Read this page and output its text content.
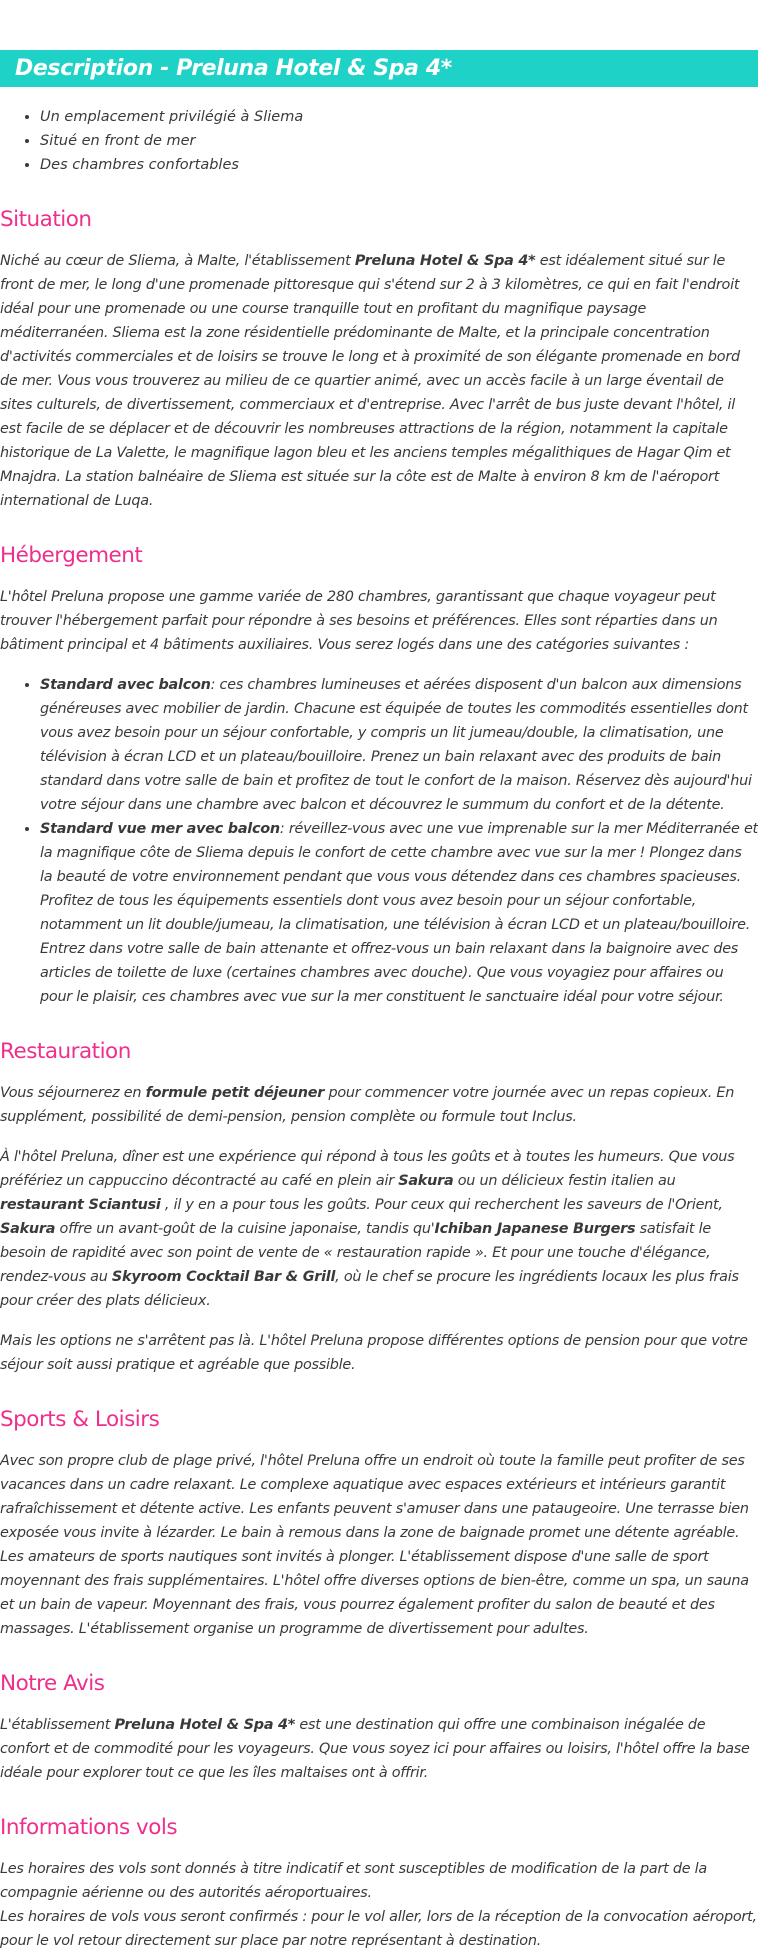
Description - Preluna Hotel & Spa 4*
• Un emplacement privilégié à Sliema
• Situé en front de mer
• Des chambres confortables
Situation

Niché au cœur de Sliema, à Malte, l'établissement Preluna Hotel & Spa 4* est idéalement situé sur le front de mer, le long d'une promenade pittoresque qui s'étend sur 2 à 3 kilomètres, ce qui en fait l'endroit idéal pour une promenade ou une course tranquille tout en profitant du magnifique paysage méditerranéen. Sliema est la zone résidentielle prédominante de Malte, et la principale concentration d'activités commerciales et de loisirs se trouve le long et à proximité de son élégante promenade en bord de mer. Vous vous trouverez au milieu de ce quartier animé, avec un accès facile à un large éventail de sites culturels, de divertissement, commerciaux et d'entreprise. Avec l'arrêt de bus juste devant l'hôtel, il est facile de se déplacer et de découvrir les nombreuses attractions de la région, notamment la capitale historique de La Valette, le magnifique lagon bleu et les anciens temples mégalithiques de Hagar Qim et Mnajdra. La station balnéaire de Sliema est située sur la côte est de Malte à environ 8 km de l'aéroport international de Luqa.

Hébergement

L'hôtel Preluna propose une gamme variée de 280 chambres, garantissant que chaque voyageur peut trouver l'hébergement parfait pour répondre à ses besoins et préférences. Elles sont réparties dans un bâtiment principal et 4 bâtiments auxiliaires. Vous serez logés dans une des catégories suivantes :

• Standard avec balcon: ces chambres lumineuses et aérées disposent d'un balcon aux dimensions généreuses avec mobilier de jardin. Chacune est équipée de toutes les commodités essentielles dont vous avez besoin pour un séjour confortable, y compris un lit jumeau/double, la climatisation, une télévision à écran LCD et un plateau/bouilloire. Prenez un bain relaxant avec des produits de bain standard dans votre salle de bain et profitez de tout le confort de la maison. Réservez dès aujourd'hui votre séjour dans une chambre avec balcon et découvrez le summum du confort et de la détente.
• Standard vue mer avec balcon: réveillez-vous avec une vue imprenable sur la mer Méditerranée et la magnifique côte de Sliema depuis le confort de cette chambre avec vue sur la mer ! Plongez dans la beauté de votre environnement pendant que vous vous détendez dans ces chambres spacieuses. Profitez de tous les équipements essentiels dont vous avez besoin pour un séjour confortable, notamment un lit double/jumeau, la climatisation, une télévision à écran LCD et un plateau/bouilloire. Entrez dans votre salle de bain attenante et offrez-vous un bain relaxant dans la baignoire avec des articles de toilette de luxe (certaines chambres avec douche). Que vous voyagiez pour affaires ou pour le plaisir, ces chambres avec vue sur la mer constituent le sanctuaire idéal pour votre séjour.
Restauration

Vous séjournerez en formule petit déjeuner pour commencer votre journée avec un repas copieux. En supplément, possibilité de demi-pension, pension complète ou formule tout Inclus.

À l'hôtel Preluna, dîner est une expérience qui répond à tous les goûts et à toutes les humeurs. Que vous préfériez un cappuccino décontracté au café en plein air Sakura ou un délicieux festin italien au restaurant Sciantusi , il y en a pour tous les goûts. Pour ceux qui recherchent les saveurs de l'Orient, Sakura offre un avant-goût de la cuisine japonaise, tandis qu'Ichiban Japanese Burgers satisfait le besoin de rapidité avec son point de vente de « restauration rapide ». Et pour une touche d'élégance, rendez-vous au Skyroom Cocktail Bar & Grill, où le chef se procure les ingrédients locaux les plus frais pour créer des plats délicieux.

Mais les options ne s'arrêtent pas là. L'hôtel Preluna propose différentes options de pension pour que votre séjour soit aussi pratique et agréable que possible.

Sports & Loisirs

Avec son propre club de plage privé, l'hôtel Preluna offre un endroit où toute la famille peut profiter de ses vacances dans un cadre relaxant. Le complexe aquatique avec espaces extérieurs et intérieurs garantit rafraîchissement et détente active. Les enfants peuvent s'amuser dans une pataugeoire. Une terrasse bien exposée vous invite à lézarder. Le bain à remous dans la zone de baignade promet une détente agréable. Les amateurs de sports nautiques sont invités à plonger. L'établissement dispose d'une salle de sport moyennant des frais supplémentaires. L'hôtel offre diverses options de bien-être, comme un spa, un sauna et un bain de vapeur. Moyennant des frais, vous pourrez également profiter du salon de beauté et des massages. L'établissement organise un programme de divertissement pour adultes.

Notre Avis

L'établissement Preluna Hotel & Spa 4* est une destination qui offre une combinaison inégalée de confort et de commodité pour les voyageurs. Que vous soyez ici pour affaires ou loisirs, l'hôtel offre la base idéale pour explorer tout ce que les îles maltaises ont à offrir.

Informations vols

Les horaires des vols sont donnés à titre indicatif et sont susceptibles de modification de la part de la compagnie aérienne ou des autorités aéroportuaires.

Les horaires de vols vous seront confirmés : pour le vol aller, lors de la réception de la convocation aéroport, pour le vol retour directement sur place par notre représentant à destination.
